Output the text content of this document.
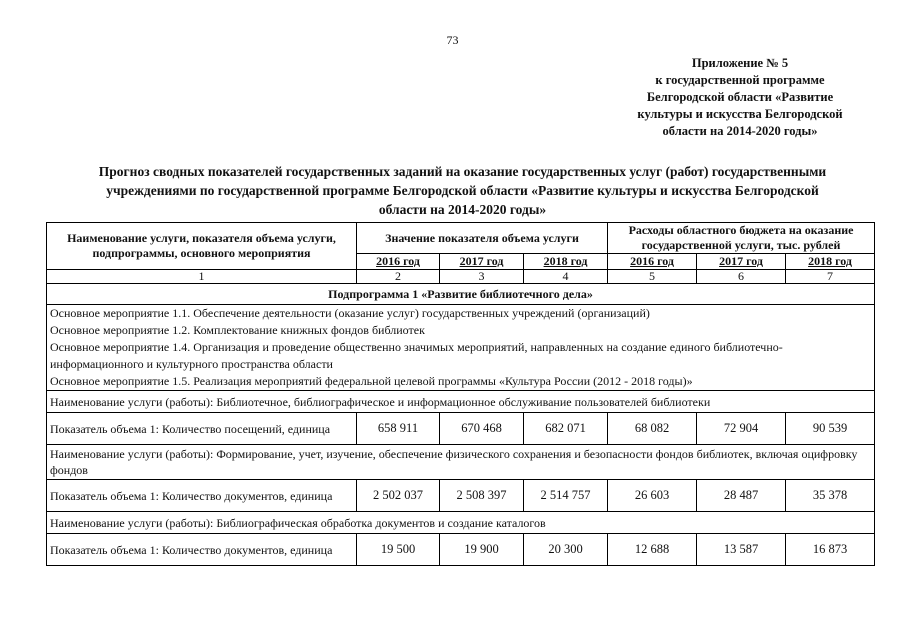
73
Приложение № 5
к государственной программе
Белгородской области «Развитие
культуры и искусства Белгородской
области на 2014-2020 годы»
Прогноз сводных показателей государственных заданий на оказание государственных услуг (работ) государственными
учреждениями по государственной программе Белгородской области «Развитие культуры и искусства Белгородской
области на 2014-2020 годы»
Наименование услуги, показателя объема услуги, подпрограммы, основного мероприятия	Значение показателя объема услуги			Расходы областного бюджета на оказание государственной услуги, тыс. рублей		
	2016 год	2017 год	2018 год	2016 год	2017 год	2018 год
1	2	3	4	5	6	7
Подпрограмма 1 «Развитие библиотечного дела»						

Основное мероприятие 1.1. Обеспечение деятельности (оказание услуг) государственных учреждений (организаций)
Основное мероприятие 1.2. Комплектование книжных фондов библиотек
Основное мероприятие 1.4. Организация и проведение общественно значимых мероприятий, направленных на создание единого библиотечно-
информационного и культурного пространства области
Основное мероприятие 1.5. Реализация мероприятий федеральной целевой программы «Культура России (2012 - 2018 годы)»						

Наименование услуги (работы): Библиотечное, библиографическое и информационное обслуживание пользователей библиотеки						
Показатель объема 1: Количество посещений, единица	658 911	670 468	682 071	68 082	72 904	90 539
Наименование услуги (работы): Формирование, учет, изучение, обеспечение физического сохранения и безопасности фондов библиотек, включая оцифровку фондов						
Показатель объема 1: Количество документов, единица	2 502 037	2 508 397	2 514 757	26 603	28 487	35 378
Наименование услуги (работы): Библиографическая обработка документов и создание каталогов						
Показатель объема 1: Количество документов, единица	19 500	19 900	20 300	12 688	13 587	16 873
